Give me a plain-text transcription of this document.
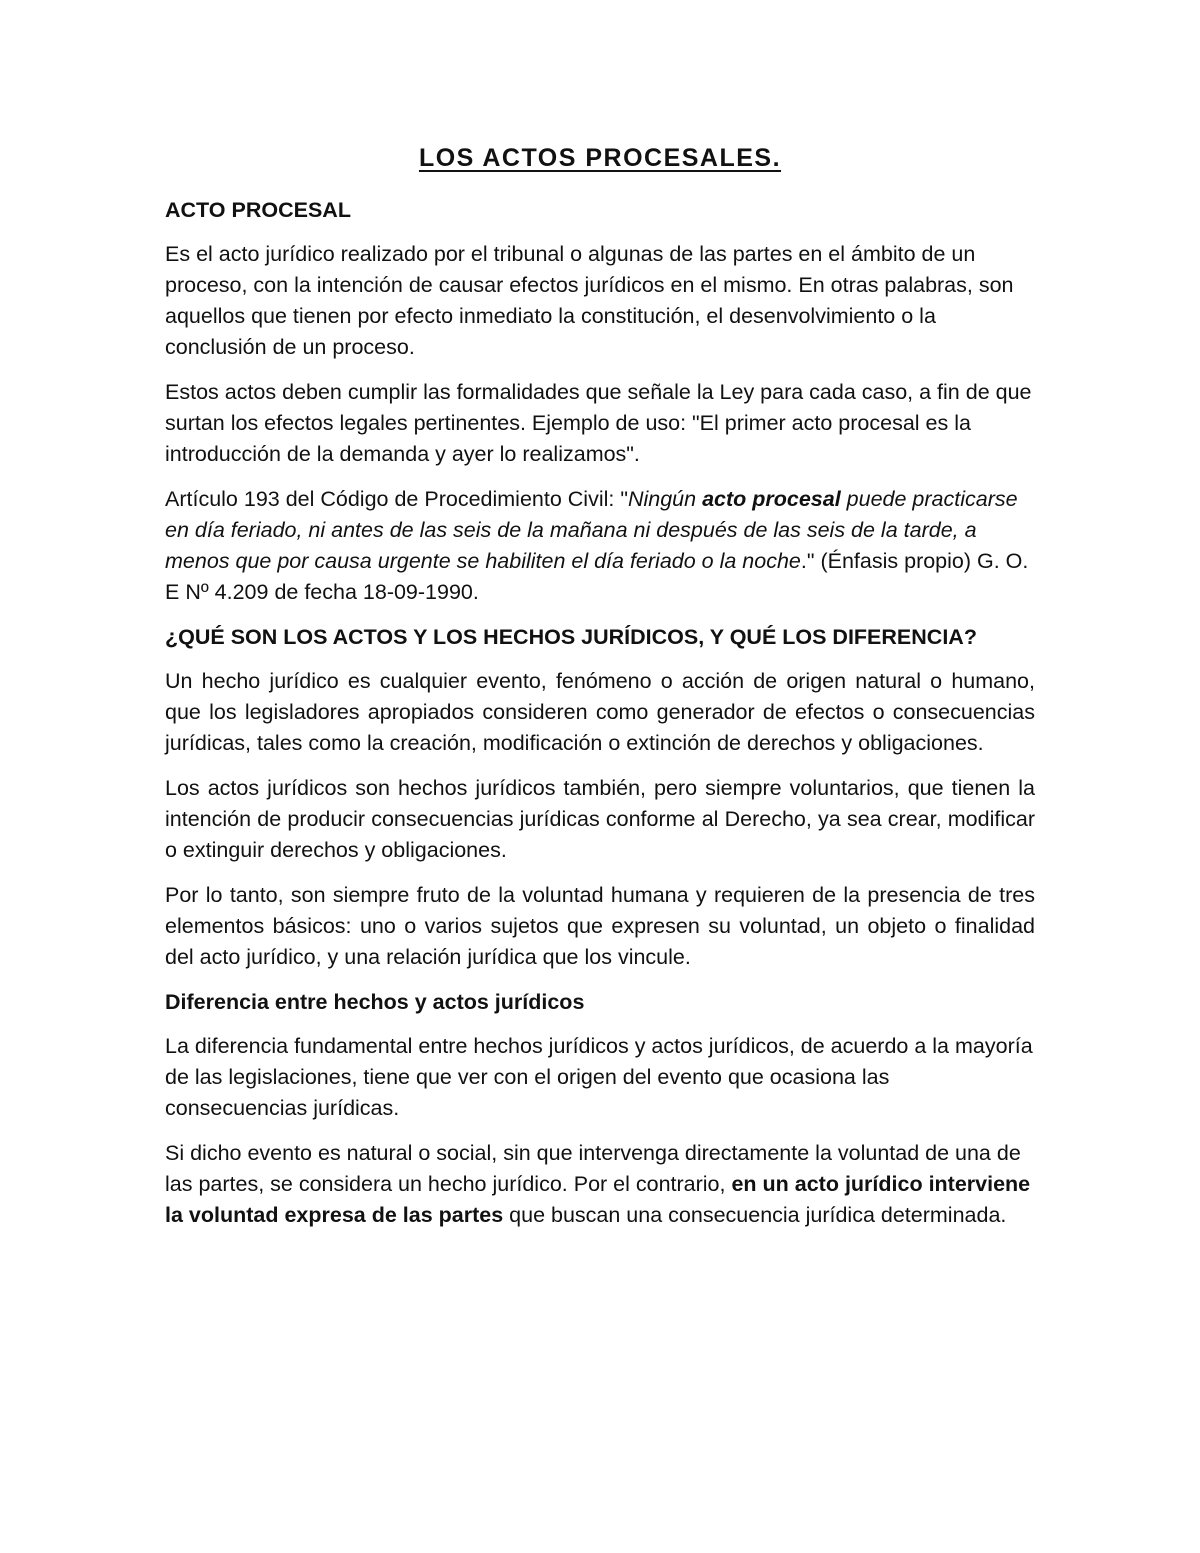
LOS ACTOS PROCESALES.
ACTO PROCESAL

Es el acto jurídico realizado por el tribunal o algunas de las partes en el ámbito de un proceso, con la intención de causar efectos jurídicos en el mismo. En otras palabras, son aquellos que tienen por efecto inmediato la constitución, el desenvolvimiento o la conclusión de un proceso.

Estos actos deben cumplir las formalidades que señale la Ley para cada caso, a fin de que surtan los efectos legales pertinentes. Ejemplo de uso: "El primer acto procesal es la introducción de la demanda y ayer lo realizamos".

Artículo 193 del Código de Procedimiento Civil: "Ningún acto procesal puede practicarse en día feriado, ni antes de las seis de la mañana ni después de las seis de la tarde, a menos que por causa urgente se habiliten el día feriado o la noche." (Énfasis propio) G. O. E Nº 4.209 de fecha 18-09-1990.

¿QUÉ SON LOS ACTOS Y LOS HECHOS JURÍDICOS, Y QUÉ LOS DIFERENCIA?

Un hecho jurídico es cualquier evento, fenómeno o acción de origen natural o humano, que los legisladores apropiados consideren como generador de efectos o consecuencias jurídicas, tales como la creación, modificación o extinción de derechos y obligaciones.

Los actos jurídicos son hechos jurídicos también, pero siempre voluntarios, que tienen la intención de producir consecuencias jurídicas conforme al Derecho, ya sea crear, modificar o extinguir derechos y obligaciones.

Por lo tanto, son siempre fruto de la voluntad humana y requieren de la presencia de tres elementos básicos: uno o varios sujetos que expresen su voluntad, un objeto o finalidad del acto jurídico, y una relación jurídica que los vincule.

Diferencia entre hechos y actos jurídicos

La diferencia fundamental entre hechos jurídicos y actos jurídicos, de acuerdo a la mayoría de las legislaciones, tiene que ver con el origen del evento que ocasiona las consecuencias jurídicas.

Si dicho evento es natural o social, sin que intervenga directamente la voluntad de una de las partes, se considera un hecho jurídico. Por el contrario, en un acto jurídico interviene la voluntad expresa de las partes que buscan una consecuencia jurídica determinada.
